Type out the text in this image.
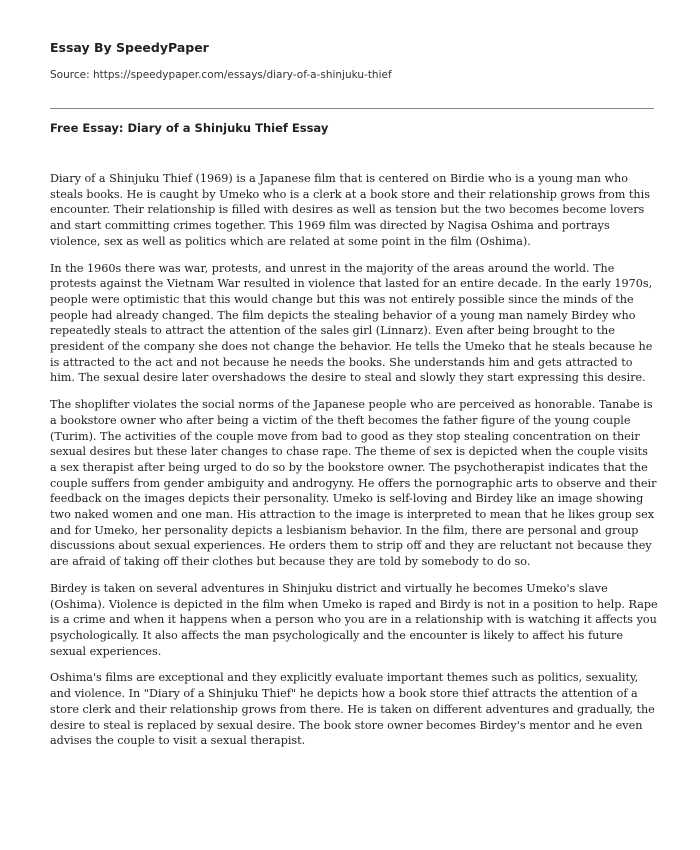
Essay By SpeedyPaper
Source: https://speedypaper.com/essays/diary-of-a-shinjuku-thief
Free Essay: Diary of a Shinjuku Thief Essay

Diary of a Shinjuku Thief (1969) is a Japanese film that is centered on Birdie who is a young man who steals books. He is caught by Umeko who is a clerk at a book store and their relationship grows from this encounter. Their relationship is filled with desires as well as tension but the two becomes become lovers and start committing crimes together. This 1969 film was directed by Nagisa Oshima and portrays violence, sex as well as politics which are related at some point in the film (Oshima).

In the 1960s there was war, protests, and unrest in the majority of the areas around the world. The protests against the Vietnam War resulted in violence that lasted for an entire decade. In the early 1970s, people were optimistic that this would change but this was not entirely possible since the minds of the people had already changed. The film depicts the stealing behavior of a young man namely Birdey who repeatedly steals to attract the attention of the sales girl (Linnarz). Even after being brought to the president of the company she does not change the behavior. He tells the Umeko that he steals because he is attracted to the act and not because he needs the books. She understands him and gets attracted to him. The sexual desire later overshadows the desire to steal and slowly they start expressing this desire.

The shoplifter violates the social norms of the Japanese people who are perceived as honorable. Tanabe is a bookstore owner who after being a victim of the theft becomes the father figure of the young couple (Turim). The activities of the couple move from bad to good as they stop stealing concentration on their sexual desires but these later changes to chase rape. The theme of sex is depicted when the couple visits a sex therapist after being urged to do so by the bookstore owner. The psychotherapist indicates that the couple suffers from gender ambiguity and androgyny. He offers the pornographic arts to observe and their feedback on the images depicts their personality. Umeko is self-loving and Birdey like an image showing two naked women and one man. His attraction to the image is interpreted to mean that he likes group sex and for Umeko, her personality depicts a lesbianism behavior. In the film, there are personal and group discussions about sexual experiences. He orders them to strip off and they are reluctant not because they are afraid of taking off their clothes but because they are told by somebody to do so.

Birdey is taken on several adventures in Shinjuku district and virtually he becomes Umeko's slave (Oshima). Violence is depicted in the film when Umeko is raped and Birdy is not in a position to help. Rape is a crime and when it happens when a person who you are in a relationship with is watching it affects you psychologically. It also affects the man psychologically and the encounter is likely to affect his future sexual experiences.

Oshima's films are exceptional and they explicitly evaluate important themes such as politics, sexuality, and violence. In "Diary of a Shinjuku Thief" he depicts how a book store thief attracts the attention of a store clerk and their relationship grows from there. He is taken on different adventures and gradually, the desire to steal is replaced by sexual desire. The book store owner becomes Birdey's mentor and he even advises the couple to visit a sexual therapist.
